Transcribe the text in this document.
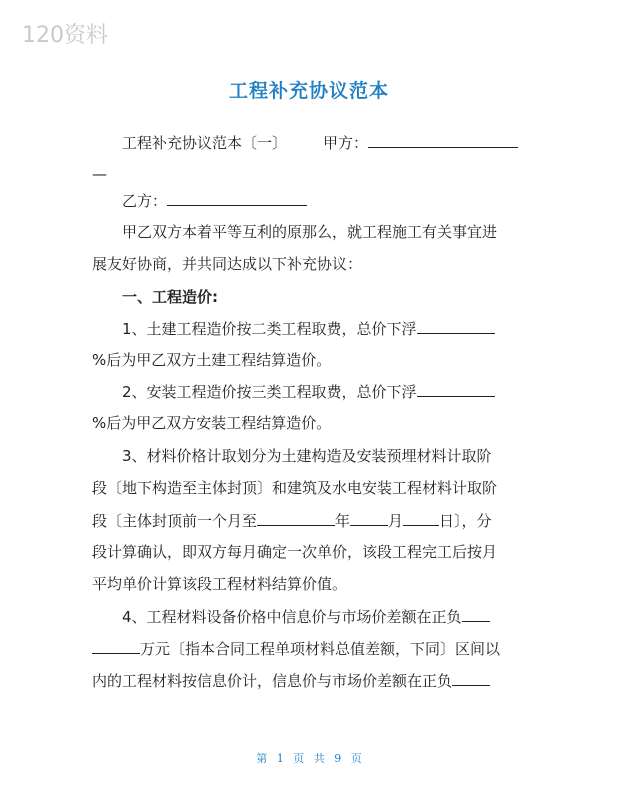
120资料
工程补充协议范本
工程补充协议范本〔一〕 甲方：
—
乙方：
甲乙双方本着平等互利的原那么，就工程施工有关事宜进
展友好协商，并共同达成以下补充协议：
一、工程造价:
1、土建工程造价按二类工程取费，总价下浮
%后为甲乙双方土建工程结算造价。
2、安装工程造价按三类工程取费，总价下浮
%后为甲乙双方安装工程结算造价。
3、材料价格计取划分为土建构造及安装预埋材料计取阶
段〔地下构造至主体封顶〕和建筑及水电安装工程材料计取阶
段〔主体封顶前一个月至	年	月 日〕，分
段计算确认，即双方每月确定一次单价，该段工程完工后按月
平均单价计算该段工程材料结算价值。
4、工程材料设备价格中信息价与市场价差额在正负
万元〔指本合同工程单项材料总值差额，下同〕区间以
内的工程材料按信息价计，信息价与市场价差额在正负
第 1 页 共 9 页
